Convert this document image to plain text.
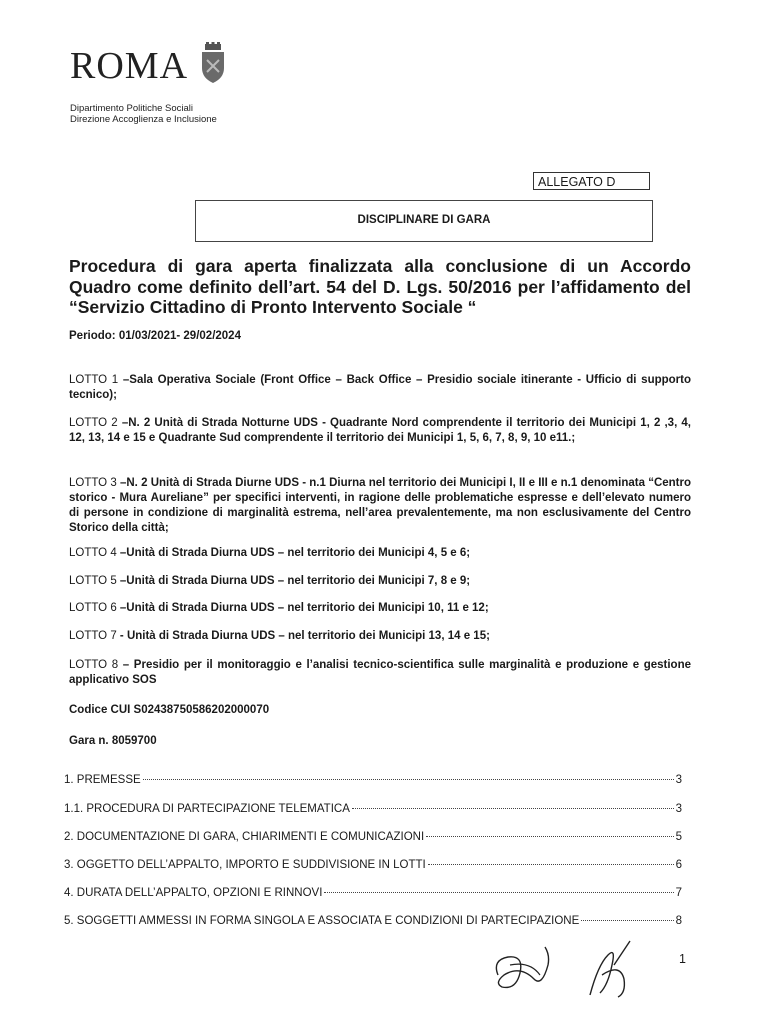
ROMA
Dipartimento Politiche Sociali
Direzione Accoglienza e Inclusione
ALLEGATO D
DISCIPLINARE DI GARA
Procedura di gara aperta finalizzata alla conclusione di un Accordo Quadro come definito dell’art. 54 del D. Lgs. 50/2016 per l’affidamento del “Servizio Cittadino di Pronto Intervento Sociale “
Periodo: 01/03/2021- 29/02/2024
LOTTO 1 –Sala Operativa Sociale (Front Office – Back Office – Presidio sociale itinerante - Ufficio di supporto tecnico);
LOTTO 2 –N. 2 Unità di Strada Notturne UDS - Quadrante Nord comprendente il territorio dei Municipi 1, 2 ,3, 4, 12, 13, 14 e 15 e Quadrante Sud comprendente il territorio dei Municipi 1, 5, 6, 7, 8, 9, 10 e11.;
LOTTO 3 –N. 2 Unità di Strada Diurne UDS - n.1 Diurna nel territorio dei Municipi I, II e III e n.1 denominata “Centro storico - Mura Aureliane” per specifici interventi, in ragione delle problematiche espresse e dell’elevato numero di persone in condizione di marginalità estrema, nell’area prevalentemente, ma non esclusivamente del Centro Storico della città;
LOTTO 4 –Unità di Strada Diurna UDS – nel territorio dei Municipi 4, 5 e 6;
LOTTO 5 –Unità di Strada Diurna UDS – nel territorio dei Municipi 7, 8 e 9;
LOTTO 6 –Unità di Strada Diurna UDS – nel territorio dei Municipi 10, 11 e 12;
LOTTO 7 - Unità di Strada Diurna UDS – nel territorio dei Municipi 13, 14 e 15;
LOTTO 8 – Presidio per il monitoraggio e l’analisi tecnico-scientifica sulle marginalità e produzione e gestione applicativo SOS
Codice CUI S02438750586202000070
Gara n. 8059700
1. PREMESSE	3
1.1. PROCEDURA DI PARTECIPAZIONE TELEMATICA	3
2. DOCUMENTAZIONE DI GARA, CHIARIMENTI E COMUNICAZIONI	5
3. OGGETTO DELL’APPALTO, IMPORTO E SUDDIVISIONE IN LOTTI	6
4. DURATA DELL’APPALTO, OPZIONI E RINNOVI	7
5. SOGGETTI AMMESSI IN FORMA SINGOLA E ASSOCIATA E CONDIZIONI DI PARTECIPAZIONE	8
1
